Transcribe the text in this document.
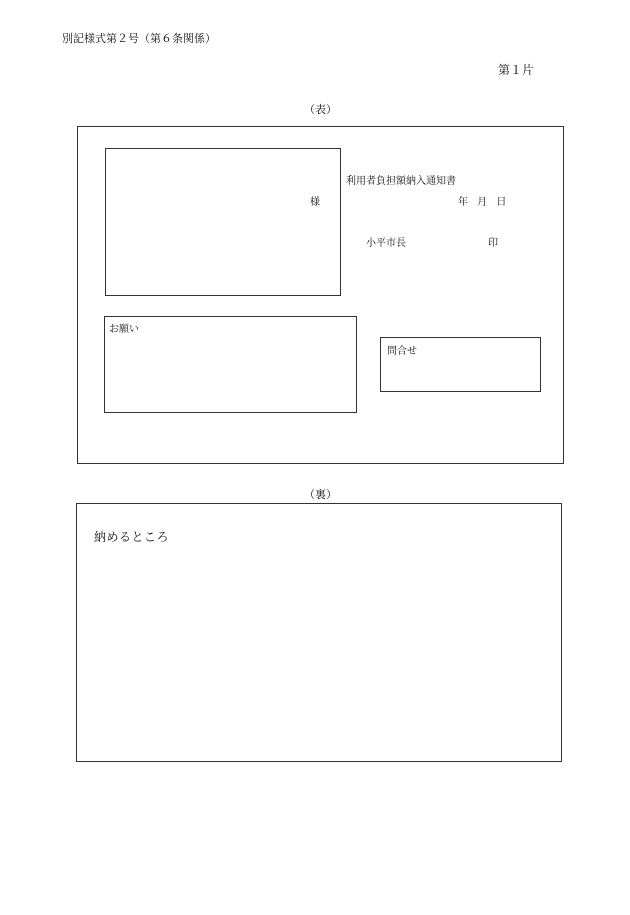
別記様式第２号（第６条関係）
第１片
（表）
様
利用者負担額納入通知書
年 月 日
小平市長	印
お願い
問合せ
（裏）
納めるところ
